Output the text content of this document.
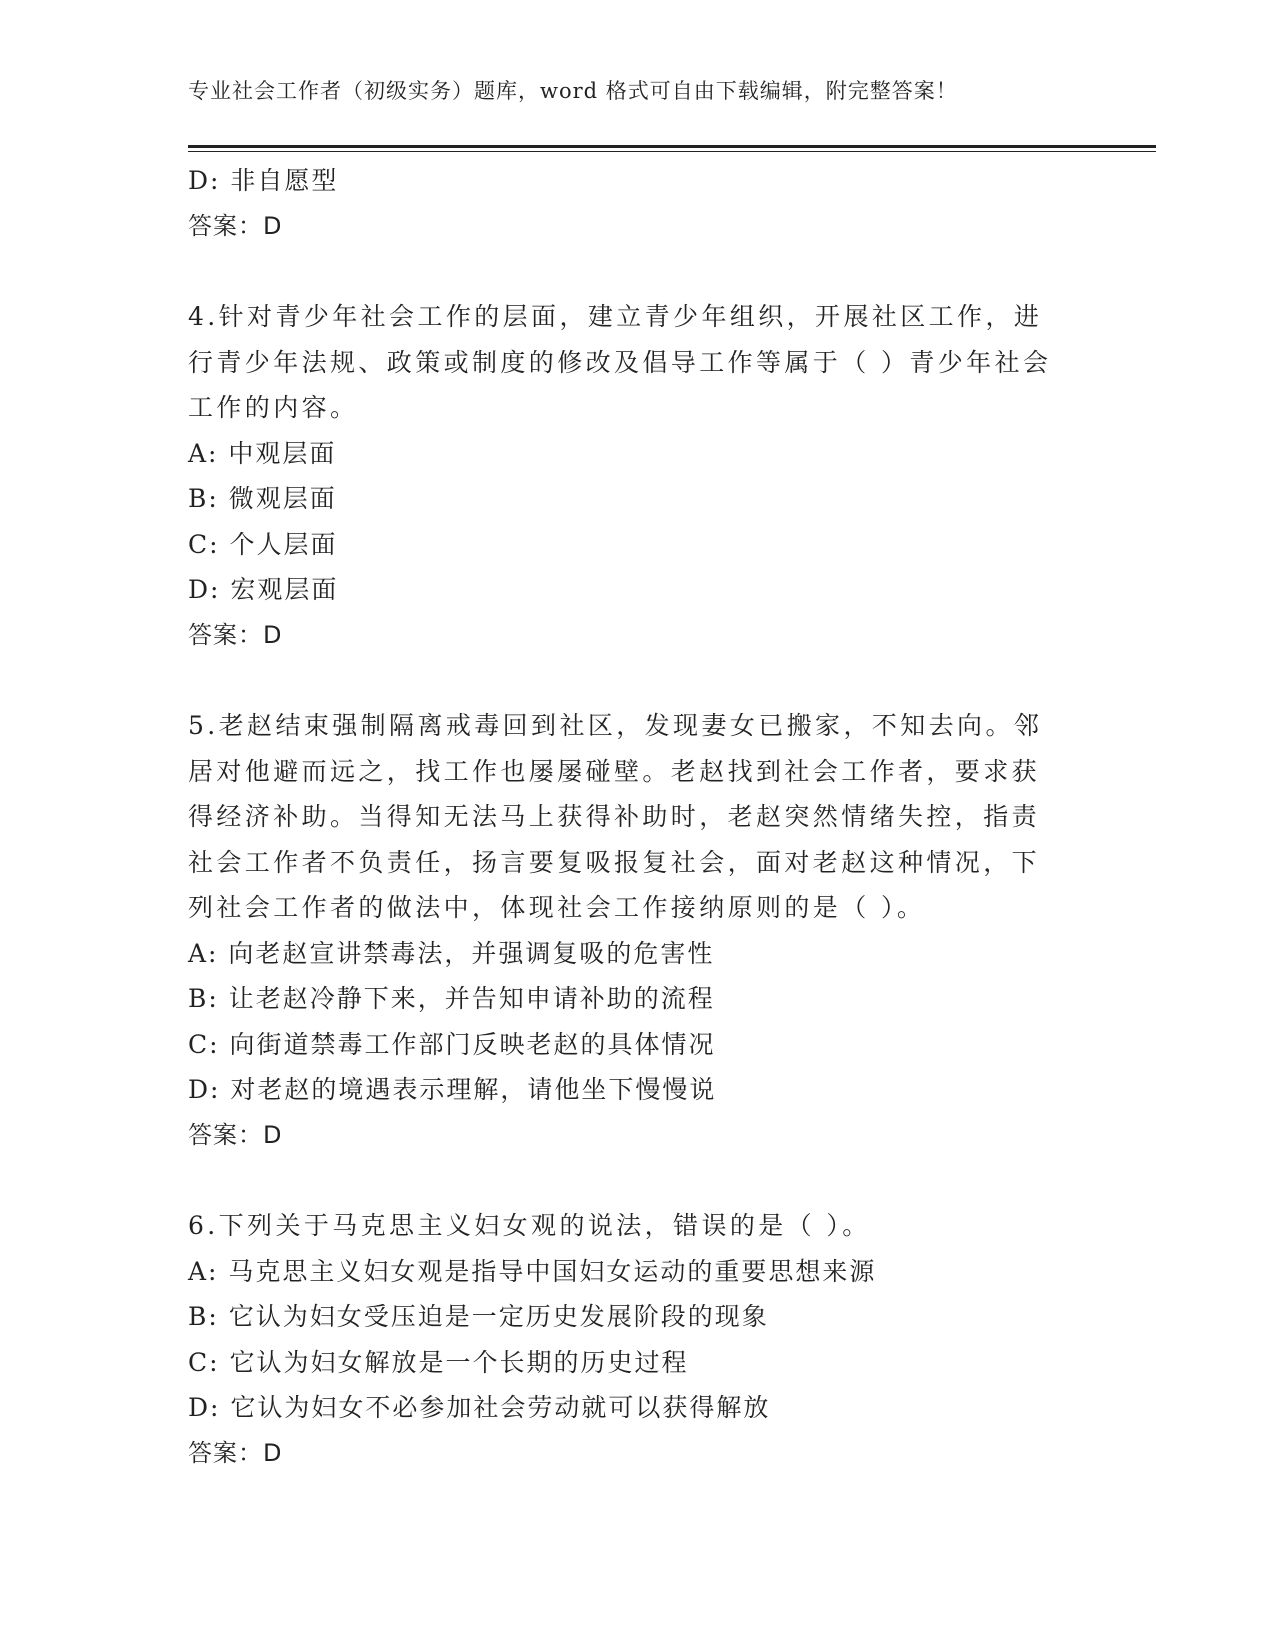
专业社会工作者（初级实务）题库，word 格式可自由下载编辑，附完整答案！
D: 非自愿型
答案：D
4.针对青少年社会工作的层面，建立青少年组织，开展社区工作，进
行青少年法规、政策或制度的修改及倡导工作等属于（ ）青少年社会
工作的内容。
A: 中观层面
B: 微观层面
C: 个人层面
D: 宏观层面
答案：D
5.老赵结束强制隔离戒毒回到社区，发现妻女已搬家，不知去向。邻
居对他避而远之，找工作也屡屡碰壁。老赵找到社会工作者，要求获
得经济补助。当得知无法马上获得补助时，老赵突然情绪失控，指责
社会工作者不负责任，扬言要复吸报复社会，面对老赵这种情况，下
列社会工作者的做法中，体现社会工作接纳原则的是（ ）。
A: 向老赵宣讲禁毒法，并强调复吸的危害性
B: 让老赵冷静下来，并告知申请补助的流程
C: 向街道禁毒工作部门反映老赵的具体情况
D: 对老赵的境遇表示理解，请他坐下慢慢说
答案：D
6.下列关于马克思主义妇女观的说法，错误的是（ ）。
A: 马克思主义妇女观是指导中国妇女运动的重要思想来源
B: 它认为妇女受压迫是一定历史发展阶段的现象
C: 它认为妇女解放是一个长期的历史过程
D: 它认为妇女不必参加社会劳动就可以获得解放
答案：D
